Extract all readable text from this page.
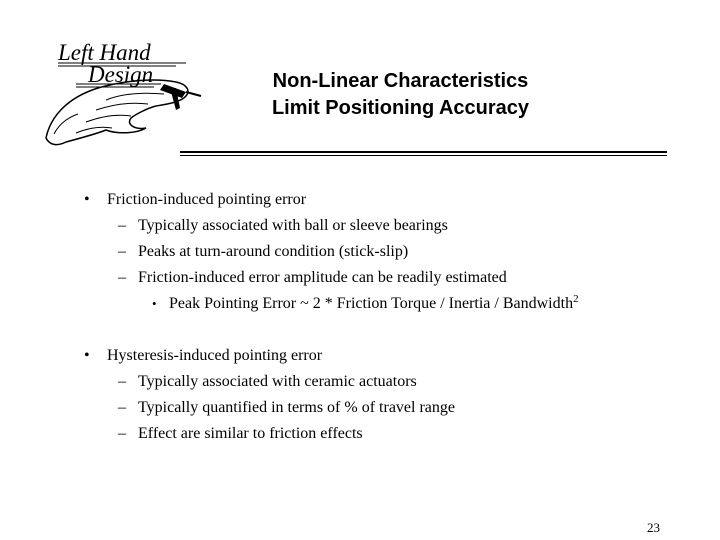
Left Hand
Design	Non-Linear Characteristics
Limit Positioning Accuracy
• Friction-induced pointing error
– Typically associated with ball or sleeve bearings
– Peaks at turn-around condition (stick-slip)
– Friction-induced error amplitude can be readily estimated
• Peak Pointing Error ~ 2 * Friction Torque / Inertia / Bandwidth$^2$
• Hysteresis-induced pointing error
– Typically associated with ceramic actuators
– Typically quantified in terms of % of travel range
– Effect are similar to friction effects
23
